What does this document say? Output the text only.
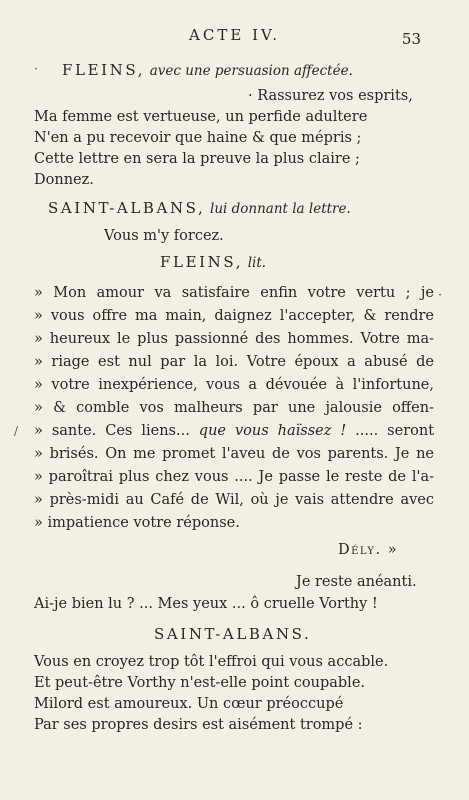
ACTE IV.	53
FLEINS, avec une persuasion affectée.
· Rassurez vos esprits,
Ma femme est vertueuse, un perfide adultere
N'en a pu recevoir que haine & que mépris ;
Cette lettre en sera la preuve la plus claire ;
Donnez.
SAINT-ALBANS, lui donnant la lettre.
Vous m'y forcez.
FLEINS, lit.
» Mon amour va satisfaire enfin votre vertu ; je
» vous offre ma main, daignez l'accepter, & rendre
» heureux le plus passionné des hommes. Votre ma-
» riage est nul par la loi. Votre époux a abusé de
» votre inexpérience, vous a dévouée à l'infortune,
» & comble vos malheurs par une jalousie offen-
» sante. Ces liens... que vous haïssez ! ..... seront
» brisés. On me promet l'aveu de vos parents. Je ne
» paroîtrai plus chez vous .... Je passe le reste de l'a-
» près-midi au Café de Wil, où je vais attendre avec
» impatience votre réponse.
Dély. »
Je reste anéanti.
Ai-je bien lu ? ... Mes yeux ... ô cruelle Vorthy !
SAINT-ALBANS.
Vous en croyez trop tôt l'effroi qui vous accable.
Et peut-être Vorthy n'est-elle point coupable.
Milord est amoureux. Un cœur préoccupé
Par ses propres desirs est aisément trompé :
·
·
/
